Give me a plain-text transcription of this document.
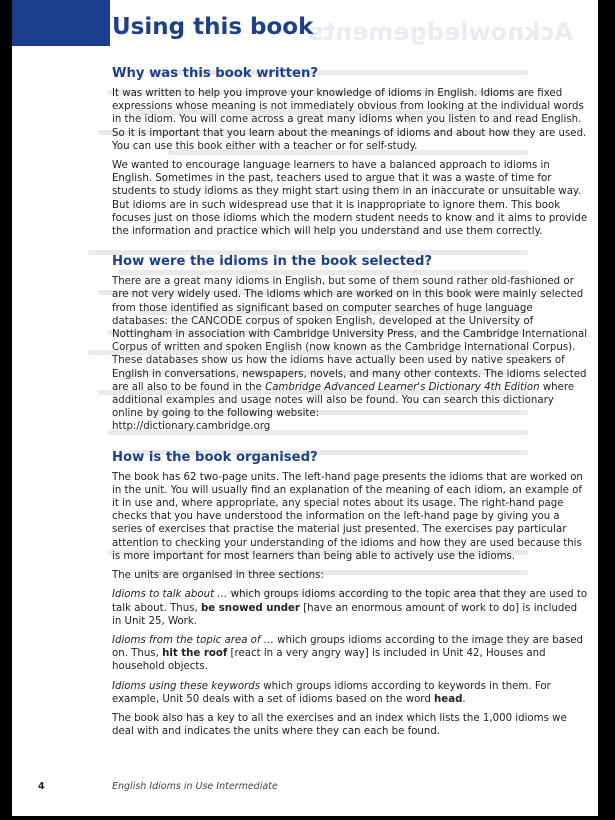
Acknowledgements
Using this book
Why was this book written?

It was written to help you improve your knowledge of idioms in English. Idioms are fixed expressions whose meaning is not immediately obvious from looking at the individual words in the idiom. You will come across a great many idioms when you listen to and read English. So it is important that you learn about the meanings of idioms and about how they are used. You can use this book either with a teacher or for self-study.

We wanted to encourage language learners to have a balanced approach to idioms in English. Sometimes in the past, teachers used to argue that it was a waste of time for students to study idioms as they might start using them in an inaccurate or unsuitable way. But idioms are in such widespread use that it is inappropriate to ignore them. This book focuses just on those idioms which the modern student needs to know and it aims to provide the information and practice which will help you understand and use them correctly.

How were the idioms in the book selected?

There are a great many idioms in English, but some of them sound rather old-fashioned or are not very widely used. The idioms which are worked on in this book were mainly selected from those identified as significant based on computer searches of huge language databases: the CANCODE corpus of spoken English, developed at the University of Nottingham in association with Cambridge University Press, and the Cambridge International Corpus of written and spoken English (now known as the Cambridge International Corpus). These databases show us how the idioms have actually been used by native speakers of English in conversations, newspapers, novels, and many other contexts. The idioms selected are all also to be found in the Cambridge Advanced Learner's Dictionary 4th Edition where additional examples and usage notes will also be found. You can search this dictionary online by going to the following website:
http://dictionary.cambridge.org

How is the book organised?

The book has 62 two-page units. The left-hand page presents the idioms that are worked on in the unit. You will usually find an explanation of the meaning of each idiom, an example of it in use and, where appropriate, any special notes about its usage. The right-hand page checks that you have understood the information on the left-hand page by giving you a series of exercises that practise the material just presented. The exercises pay particular attention to checking your understanding of the idioms and how they are used because this is more important for most learners than being able to actively use the idioms.

The units are organised in three sections:

Idioms to talk about … which groups idioms according to the topic area that they are used to talk about. Thus, be snowed under [have an enormous amount of work to do] is included in Unit 25, Work.

Idioms from the topic area of … which groups idioms according to the image they are based on. Thus, hit the roof [react in a very angry way] is included in Unit 42, Houses and household objects.

Idioms using these keywords which groups idioms according to keywords in them. For example, Unit 50 deals with a set of idioms based on the word head.

The book also has a key to all the exercises and an index which lists the 1,000 idioms we deal with and indicates the units where they can each be found.

4	English Idioms in Use Intermediate
